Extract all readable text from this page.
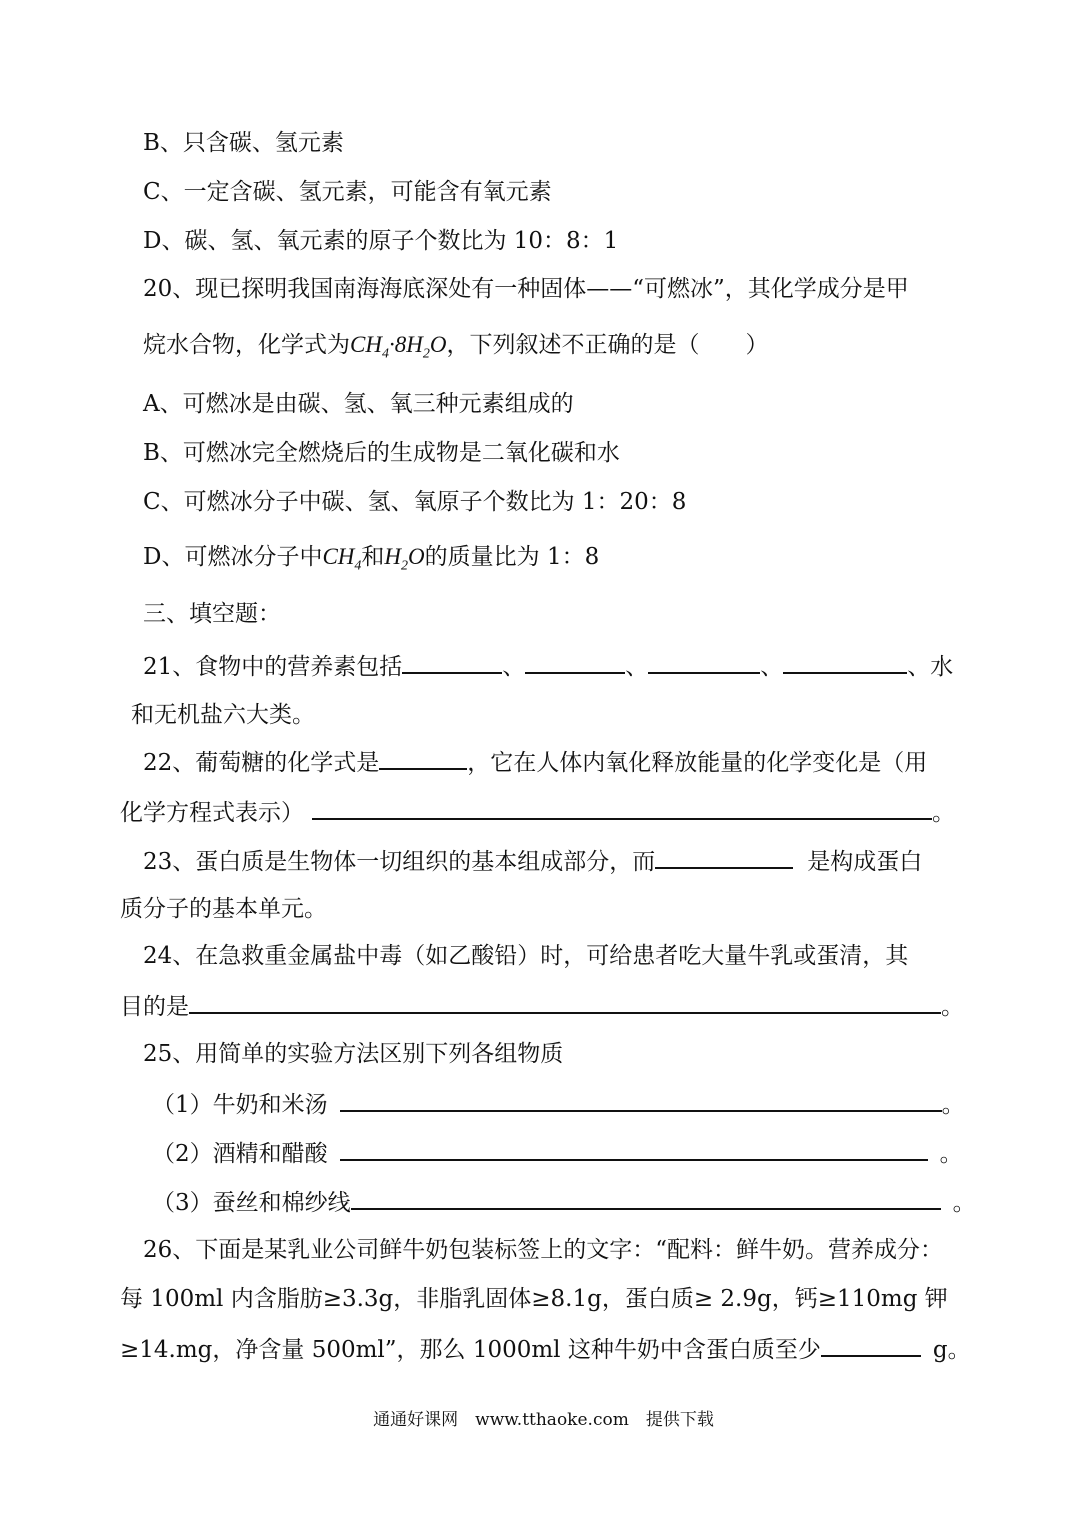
B、只含碳、氢元素
C、一定含碳、氢元素，可能含有氧元素
D、碳、氢、氧元素的原子个数比为 10：8：1
20、现已探明我国南海海底深处有一种固体——“可燃冰”，其化学成分是甲
烷水合物，化学式为$CH_4\cdot 8H_2O$，下列叙述不正确的是（　　）
A、可燃冰是由碳、氢、氧三种元素组成的
B、可燃冰完全燃烧后的生成物是二氧化碳和水
C、可燃冰分子中碳、氢、氧原子个数比为 1：20：8
D、可燃冰分子中$CH_4$和$H_2O$的质量比为 1：8
三、填空题：
21、食物中的营养素包括	、	、	、	、水
和无机盐六大类。
22、葡萄糖的化学式是	，它在人体内氧化释放能量的化学变化是（用
化学方程式表示）	。
23、蛋白质是生物体一切组织的基本组成部分，而	是构成蛋白
质分子的基本单元。
24、在急救重金属盐中毒（如乙酸铅）时，可给患者吃大量牛乳或蛋清，其
目的是	。
25、用简单的实验方法区别下列各组物质
（1）牛奶和米汤	。
（2）酒精和醋酸	。
（3）蚕丝和棉纱线	。
26、下面是某乳业公司鲜牛奶包装标签上的文字：“配料：鲜牛奶。营养成分：
每 100ml 内含脂肪≥3.3g，非脂乳固体≥8.1g，蛋白质≥ 2.9g，钙≥110mg 钾
≥14.mg，净含量 500ml”，那么 1000ml 这种牛奶中含蛋白质至少	g。
通通好课网　www.tthaoke.com　提供下载
